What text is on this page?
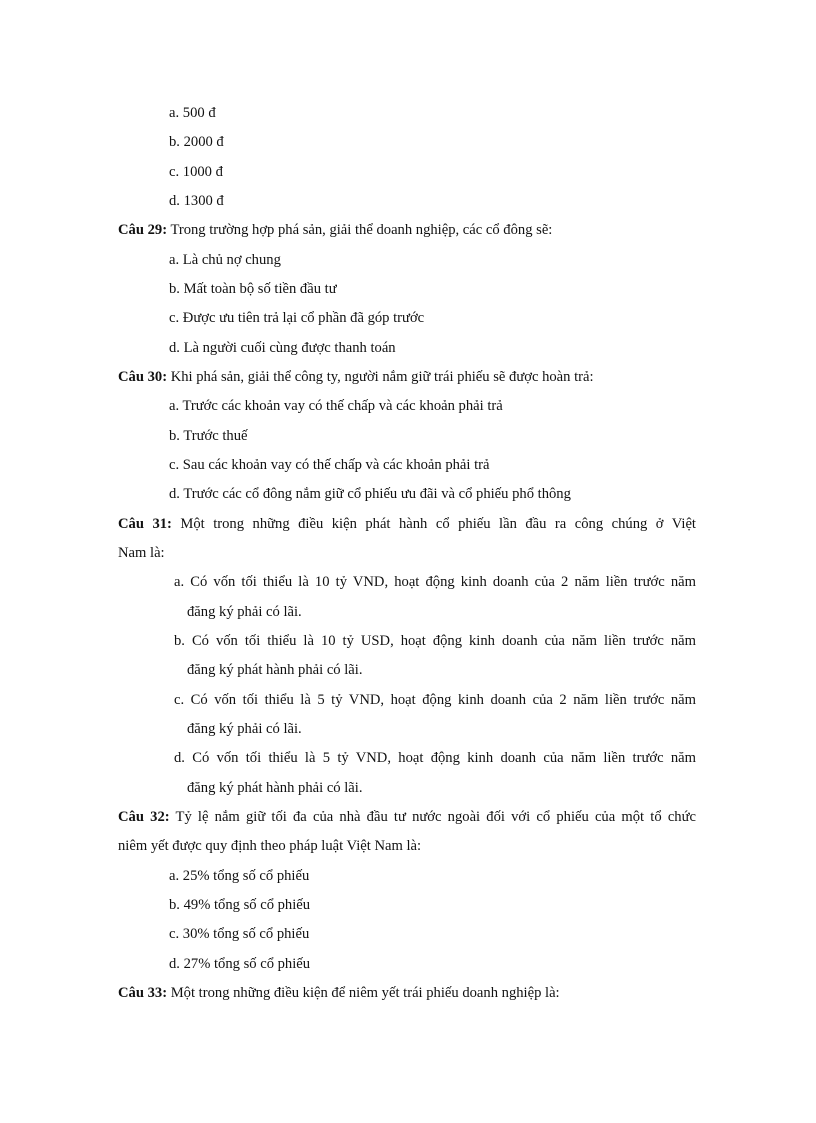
a. 500 đ
b. 2000 đ
c. 1000 đ
d. 1300 đ
Câu 29: Trong trường hợp phá sản, giải thể doanh nghiệp, các cổ đông sẽ:
a. Là chủ nợ chung
b. Mất toàn bộ số tiền đầu tư
c. Được ưu tiên trả lại cổ phần đã góp trước
d. Là người cuối cùng được thanh toán
Câu 30: Khi phá sản, giải thể công ty, người nắm giữ trái phiếu sẽ được hoàn trả:
a. Trước các khoản vay có thế chấp và các khoản phải trả
b. Trước thuế
c. Sau các khoản vay có thế chấp và các khoản phải trả
d. Trước các cổ đông nắm giữ cổ phiếu ưu đãi và cổ phiếu phổ thông
Câu 31: Một trong những điều kiện phát hành cổ phiếu lần đầu ra công chúng ở Việt
Nam là:
a. Có vốn tối thiểu là 10 tỷ VND, hoạt động kinh doanh của 2 năm liền trước năm
đăng ký phải có lãi.
b. Có vốn tối thiểu là 10 tỷ USD, hoạt động kinh doanh của năm liền trước năm
đăng ký phát hành phải có lãi.
c. Có vốn tối thiểu là 5 tỷ VND, hoạt động kinh doanh của 2 năm liền trước năm
đăng ký phải có lãi.
d. Có vốn tối thiểu là 5 tỷ VND, hoạt động kinh doanh của năm liền trước năm
đăng ký phát hành phải có lãi.
Câu 32: Tỷ lệ nắm giữ tối đa của nhà đầu tư nước ngoài đối với cổ phiếu của một tổ chức
niêm yết được quy định theo pháp luật Việt Nam là:
a. 25% tổng số cổ phiếu
b. 49% tổng số cổ phiếu
c. 30% tổng số cổ phiếu
d. 27% tổng số cổ phiếu
Câu 33: Một trong những điều kiện để niêm yết trái phiếu doanh nghiệp là:
